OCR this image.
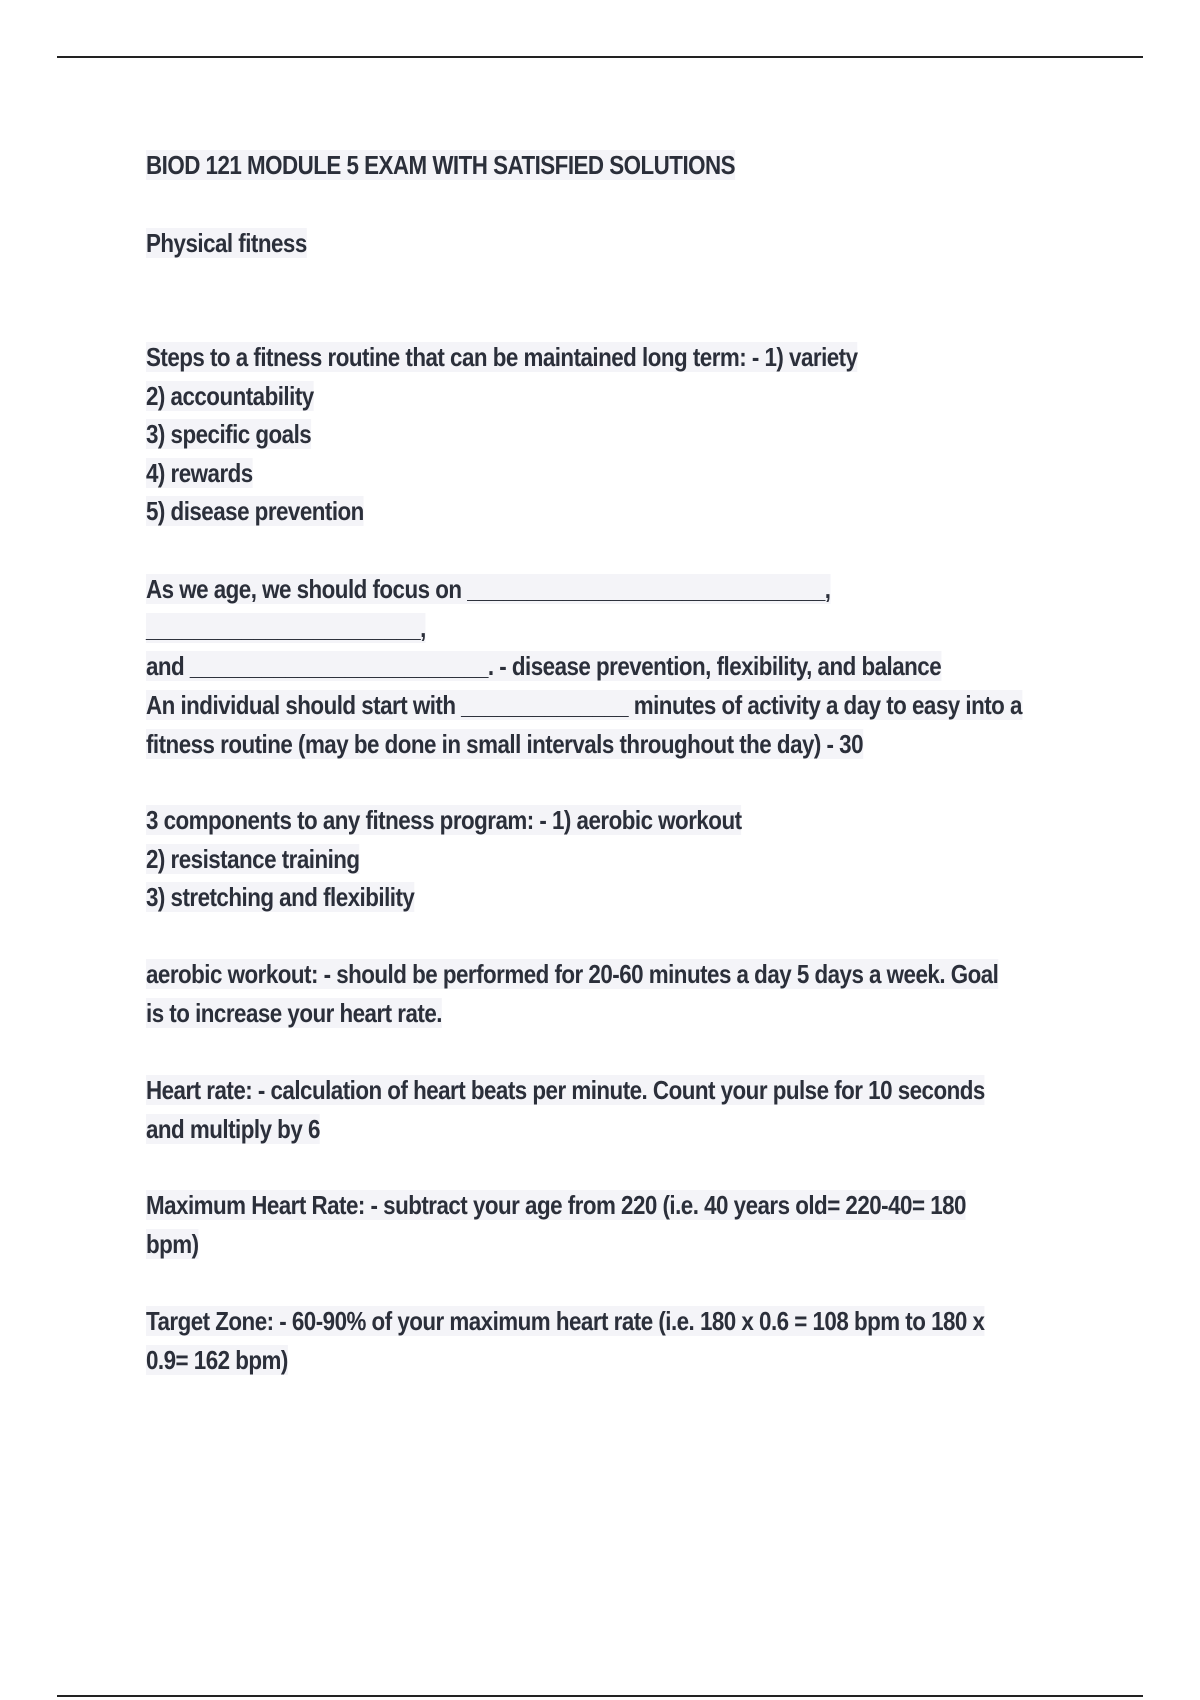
BIOD 121 MODULE 5 EXAM WITH SATISFIED SOLUTIONS

Physical fitness

Steps to a fitness routine that can be maintained long term: - 1) variety
2) accountability
3) specific goals
4) rewards
5) disease prevention

As we age, we should focus on ______________________________, _______________________,
and _________________________. - disease prevention, flexibility, and balance

An individual should start with ______________ minutes of activity a day to easy into a
fitness routine (may be done in small intervals throughout the day) - 30

3 components to any fitness program: - 1) aerobic workout
2) resistance training
3) stretching and flexibility

aerobic workout: - should be performed for 20-60 minutes a day 5 days a week. Goal
is to increase your heart rate.

Heart rate: - calculation of heart beats per minute. Count your pulse for 10 seconds
and multiply by 6

Maximum Heart Rate: - subtract your age from 220 (i.e. 40 years old= 220-40= 180
bpm)

Target Zone: - 60-90% of your maximum heart rate (i.e. 180 x 0.6 = 108 bpm to 180 x
0.9= 162 bpm)
